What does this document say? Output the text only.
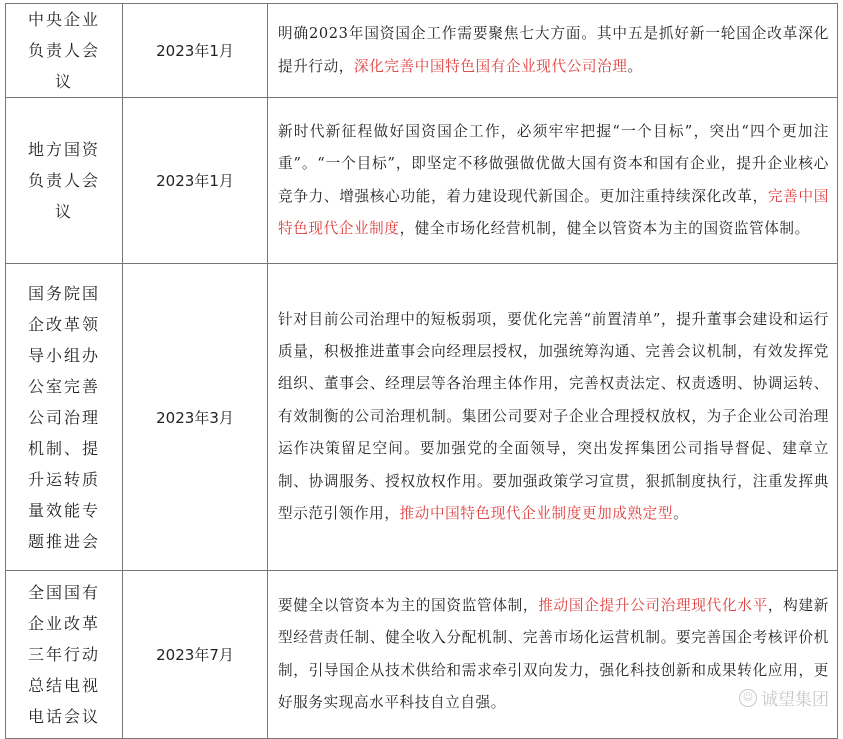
中央企业负责人会议	2023年1月	明确2023年国资国企工作需要聚焦七大方面。其中五是抓好新一轮国企改革深化提升行动，深化完善中国特色国有企业现代公司治理。
地方国资负责人会议	2023年1月	新时代新征程做好国资国企工作，必须牢牢把握“一个目标”，突出“四个更加注重”。“一个目标”，即坚定不移做强做优做大国有资本和国有企业，提升企业核心竞争力、增强核心功能，着力建设现代新国企。更加注重持续深化改革，完善中国特色现代企业制度，健全市场化经营机制，健全以管资本为主的国资监管体制。
国务院国企改革领导小组办公室完善公司治理机制、提升运转质量效能专题推进会	2023年3月	针对目前公司治理中的短板弱项，要优化完善“前置清单”，提升董事会建设和运行质量，积极推进董事会向经理层授权，加强统筹沟通、完善会议机制，有效发挥党组织、董事会、经理层等各治理主体作用，完善权责法定、权责透明、协调运转、有效制衡的公司治理机制。集团公司要对子企业合理授权放权，为子企业公司治理运作决策留足空间。要加强党的全面领导，突出发挥集团公司指导督促、建章立制、协调服务、授权放权作用。要加强政策学习宣贯，狠抓制度执行，注重发挥典型示范引领作用，推动中国特色现代企业制度更加成熟定型。
全国国有企业改革三年行动总结电视电话会议	2023年7月	要健全以管资本为主的国资监管体制，推动国企提升公司治理现代化水平，构建新型经营责任制、健全收入分配机制、完善市场化运营机制。要完善国企考核评价机制，引导国企从技术供给和需求牵引双向发力，强化科技创新和成果转化应用，更好服务实现高水平科技自立自强。	☺ 诚望集团
